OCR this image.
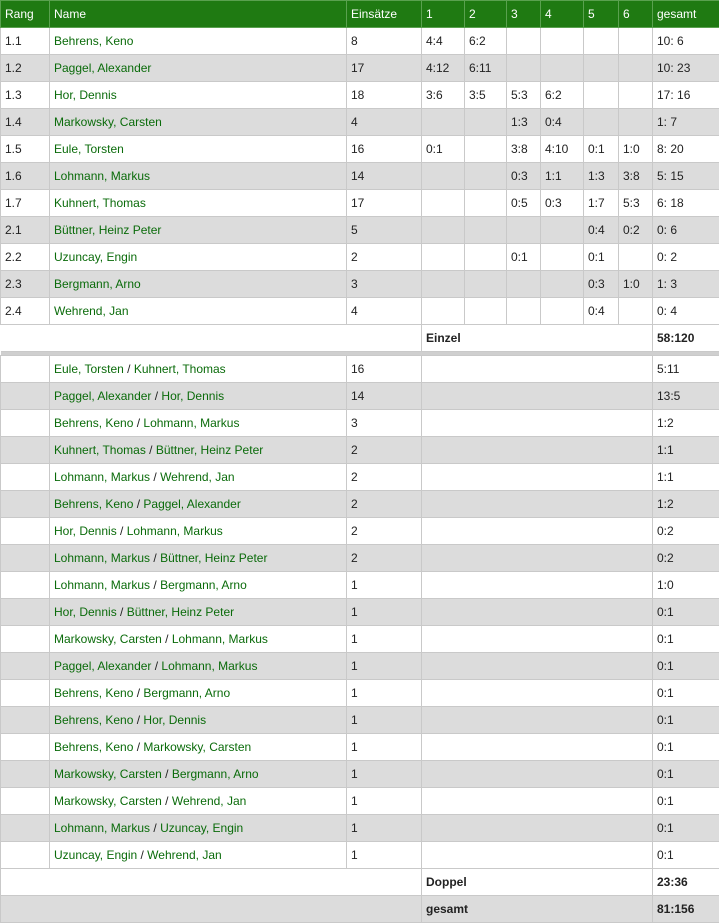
Rang	Name	Einsätze	1	2	3	4	5	6	gesamt
1.1	Behrens, Keno	8	4:4	6:2					10: 6
1.2	Paggel, Alexander	17	4:12	6:11					10: 23
1.3	Hor, Dennis	18	3:6	3:5	5:3	6:2			17: 16
1.4	Markowsky, Carsten	4			1:3	0:4			1: 7
1.5	Eule, Torsten	16	0:1		3:8	4:10	0:1	1:0	8: 20
1.6	Lohmann, Markus	14			0:3	1:1	1:3	3:8	5: 15
1.7	Kuhnert, Thomas	17			0:5	0:3	1:7	5:3	6: 18
2.1	Büttner, Heinz Peter	5					0:4	0:2	0: 6
2.2	Uzuncay, Engin	2			0:1		0:1		0: 2
2.3	Bergmann, Arno	3					0:3	1:0	1: 3
2.4	Wehrend, Jan	4					0:4		0: 4
			Einzel						58:120

	Eule, Torsten / Kuhnert, Thomas	16							5:11
	Paggel, Alexander / Hor, Dennis	14							13:5
	Behrens, Keno / Lohmann, Markus	3							1:2
	Kuhnert, Thomas / Büttner, Heinz Peter	2							1:1
	Lohmann, Markus / Wehrend, Jan	2							1:1
	Behrens, Keno / Paggel, Alexander	2							1:2
	Hor, Dennis / Lohmann, Markus	2							0:2
	Lohmann, Markus / Büttner, Heinz Peter	2							0:2
	Lohmann, Markus / Bergmann, Arno	1							1:0
	Hor, Dennis / Büttner, Heinz Peter	1							0:1
	Markowsky, Carsten / Lohmann, Markus	1							0:1
	Paggel, Alexander / Lohmann, Markus	1							0:1
	Behrens, Keno / Bergmann, Arno	1							0:1
	Behrens, Keno / Hor, Dennis	1							0:1
	Behrens, Keno / Markowsky, Carsten	1							0:1
	Markowsky, Carsten / Bergmann, Arno	1							0:1
	Markowsky, Carsten / Wehrend, Jan	1							0:1
	Lohmann, Markus / Uzuncay, Engin	1							0:1
	Uzuncay, Engin / Wehrend, Jan	1							0:1
			Doppel						23:36
			gesamt						81:156
